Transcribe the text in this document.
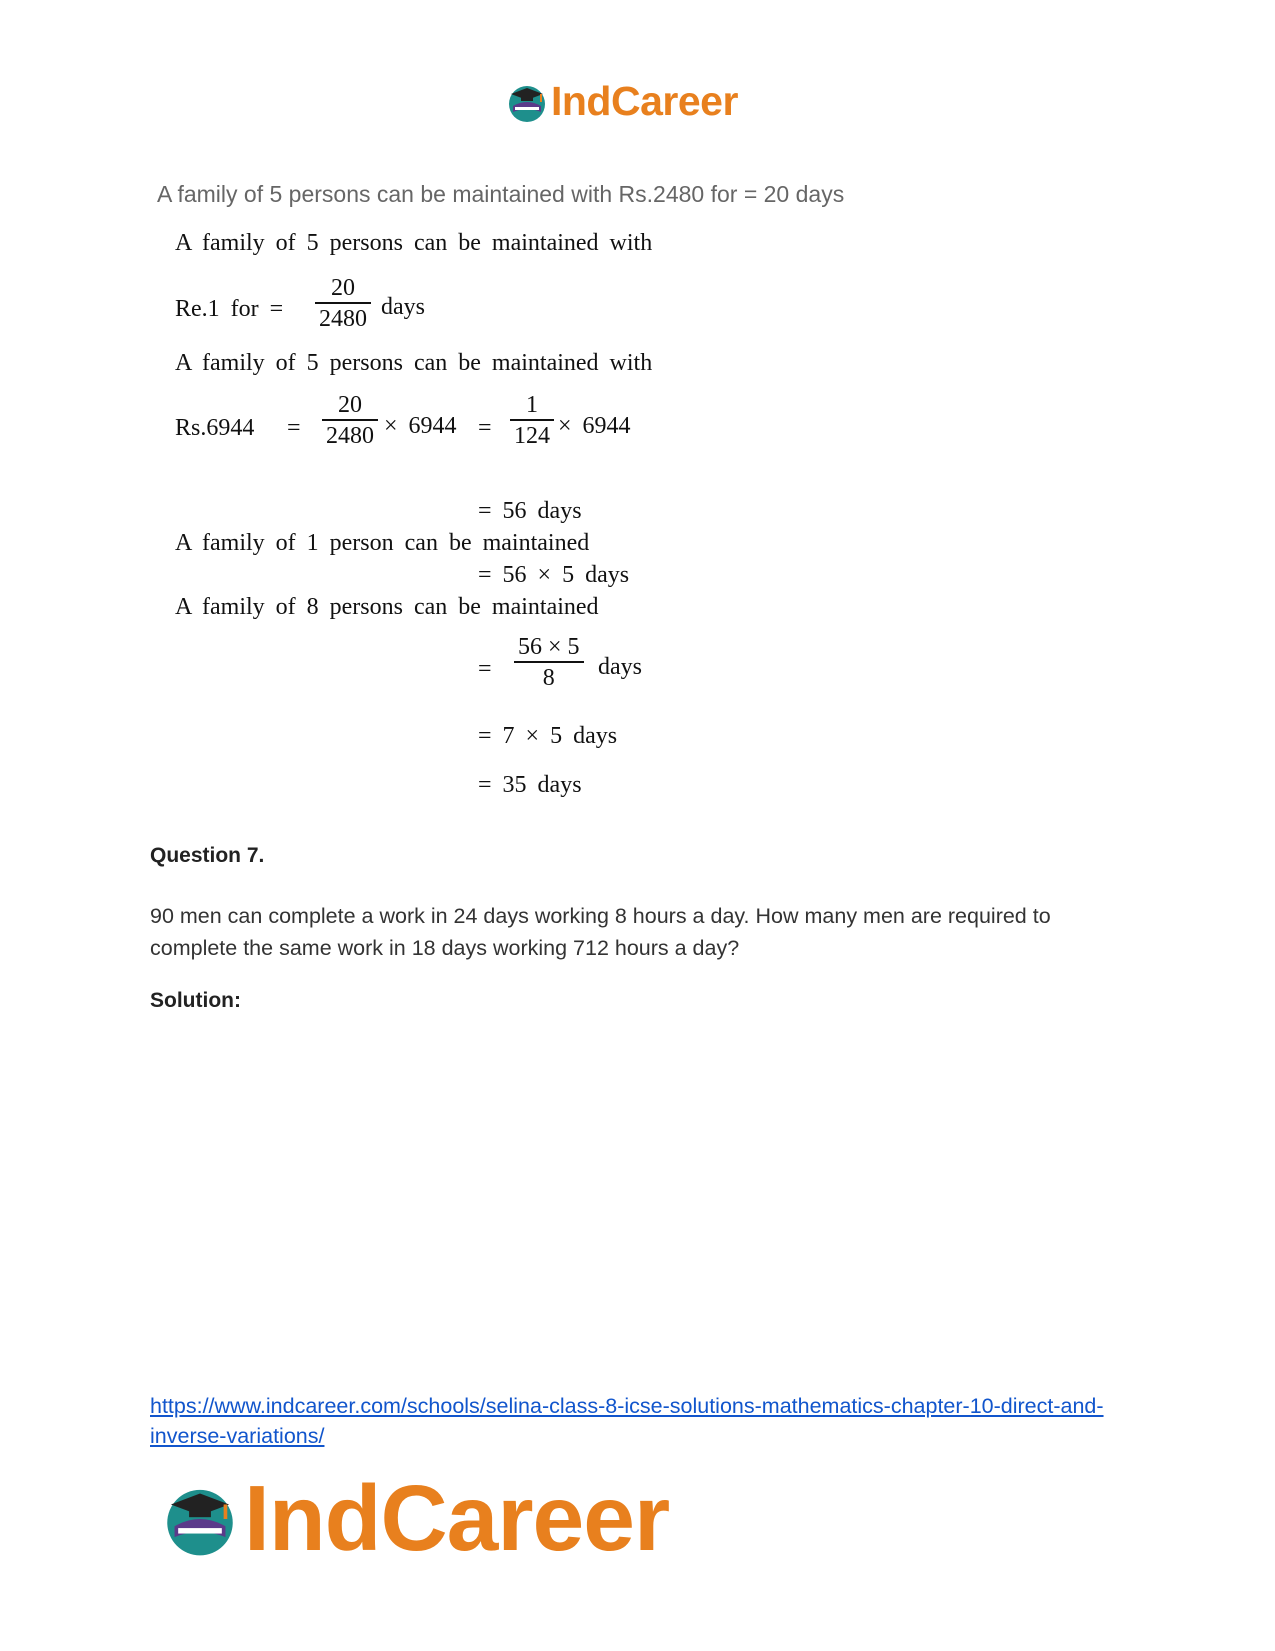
IndCareer
A family of 5 persons can be maintained with Rs.2480 for = 20 days
A family of 5 persons can be maintained with
Re.1 for =
20
2480 days
A family of 5 persons can be maintained with
Rs.6944 =
20
2480 × 6944 =
1
124 × 6944
= 56 days
A family of 1 person can be maintained
= 56 × 5 days
A family of 8 persons can be maintained
=
56 × 5
8 days
= 7 × 5 days
= 35 days
Question 7.
90 men can complete a work in 24 days working 8 hours a day. How many men are required to complete the same work in 18 days working 712 hours a day?
Solution:
https://www.indcareer.com/schools/selina-class-8-icse-solutions-mathematics-chapter-10-direct-and-inverse-variations/
IndCareer
